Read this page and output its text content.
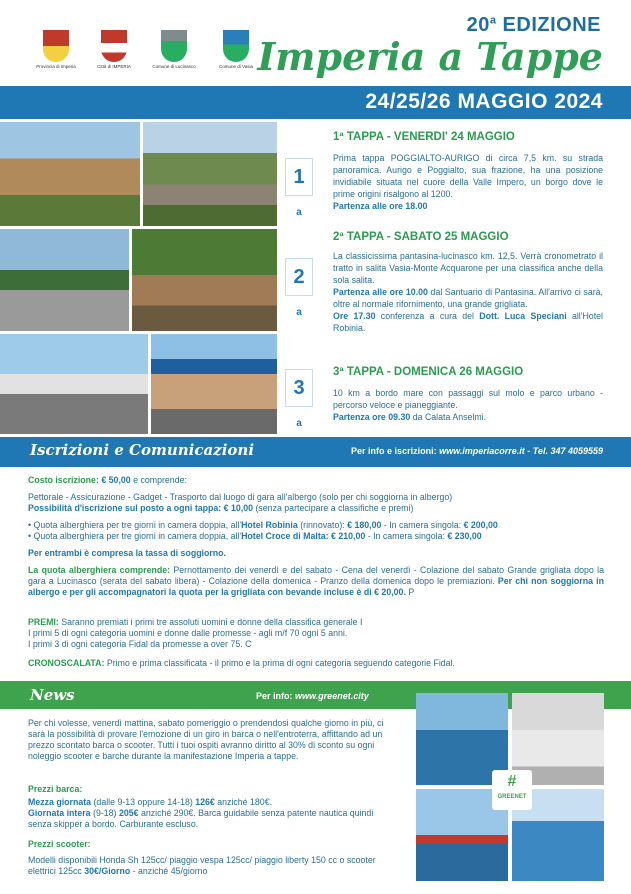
Provincia di Imperia	Città di IMPERIA	Comune di Lucinasco	Comune di Vasia
20$^a$ EDIZIONE
Imperia a Tappe
24/25/26 MAGGIO 2024
1
$^a$
1ª TAPPA - VENERDI' 24 MAGGIO
Prima tappa POGGIALTO-AURIGO di circa 7,5 km. su strada panoramica. Aurigo e Poggialto, sua frazione, ha una posizione invidiabile situata nel cuore della Valle Impero, un borgo dove le prime origini risalgono al 1200.
Partenza alle ore 18.00
2
$^a$
2ª TAPPA - SABATO 25 MAGGIO
La classicissima pantasina-lucinasco km. 12,5. Verrà cronometrato il tratto in salita Vasia-Monte Acquarone per una classifica anche della sola salita.
Partenza alle ore 10.00 dal Santuario di Pantasina. All'arrivo ci sarà, oltre al normale rifornimento, una grande grigliata.
Ore 17.30 conferenza a cura del Dott. Luca Speciani all'Hotel Robinia.
3
$^a$
3ª TAPPA - DOMENICA 26 MAGGIO
10 km a bordo mare con passaggi sul molo e parco urbano - percorso veloce e pianeggiante.
Partenza ore 09.30 da Calata Anselmi.
Iscrizioni e Comunicazioni	Per info e iscrizioni: www.imperiacorre.it - Tel. 347 4059559
Costo iscrizione: € 50,00 e comprende:
Pettorale - Assicurazione - Gadget - Trasporto dal luogo di gara all'albergo (solo per chi soggiorna in albergo)
Possibilità d'iscrizione sul posto a ogni tappa: € 10,00 (senza partecipare a classifiche e premi)
• Quota alberghiera per tre giorni in camera doppia, all'Hotel Robinia (rinnovato): € 180,00 - In camera singola: € 200,00
• Quota alberghiera per tre giorni in camera doppia, all'Hotel Croce di Malta: € 210,00 - In camera singola: € 230,00
Per entrambi è compresa la tassa di soggiorno.
La quota alberghiera comprende: Pernottamento dei venerdì e del sabato - Cena del venerdì - Colazione del sabato Grande grigliata dopo la gara a Lucinasco (serata del sabato libera) - Colazione della domenica - Pranzo della domenica dopo le premiazioni. Per chi non soggiorna in albergo e per gli accompagnatori la quota per la grigliata con bevande incluse è di € 20,00. P
PREMI: Saranno premiati i primi tre assoluti uomini e donne della classifica generale I
I primi 5 di ogni categoria uomini e donne dalle promesse - agli m/f 70 ogni 5 anni.
I primi 3 di ogni categoria Fidal da promesse a over 75. C
CRONOSCALATA: Primo e prima classificata - il primo e la prima di ogni categoria seguendo categorie Fidal.
News	Per info: www.greenet.city
Per chi volesse, venerdì mattina, sabato pomeriggio o prendendosi qualche giorno in più, ci sarà la possibilità di provare l'emozione di un giro in barca o nell'entroterra, affittando ad un prezzo scontato barca o scooter. Tutti i tuoi ospiti avranno diritto al 30% di sconto su ogni noleggio scooter e barche durante la manifestazione Imperia a tappe.
Prezzi barca:
Mezza giornata (dalle 9-13 oppure 14-18) 126€ anziché 180€.
Giornata intera (9-18) 205€ anziché 290€. Barca guidabile senza patente nautica quindi senza skipper a bordo. Carburante escluso.
Prezzi scooter:
Modelli disponibili Honda Sh 125cc/ piaggio vespa 125cc/ piaggio liberty 150 cc o scooter elettrici 125cc 30€/Giorno - anziché 45/giorno
#
GREENET
